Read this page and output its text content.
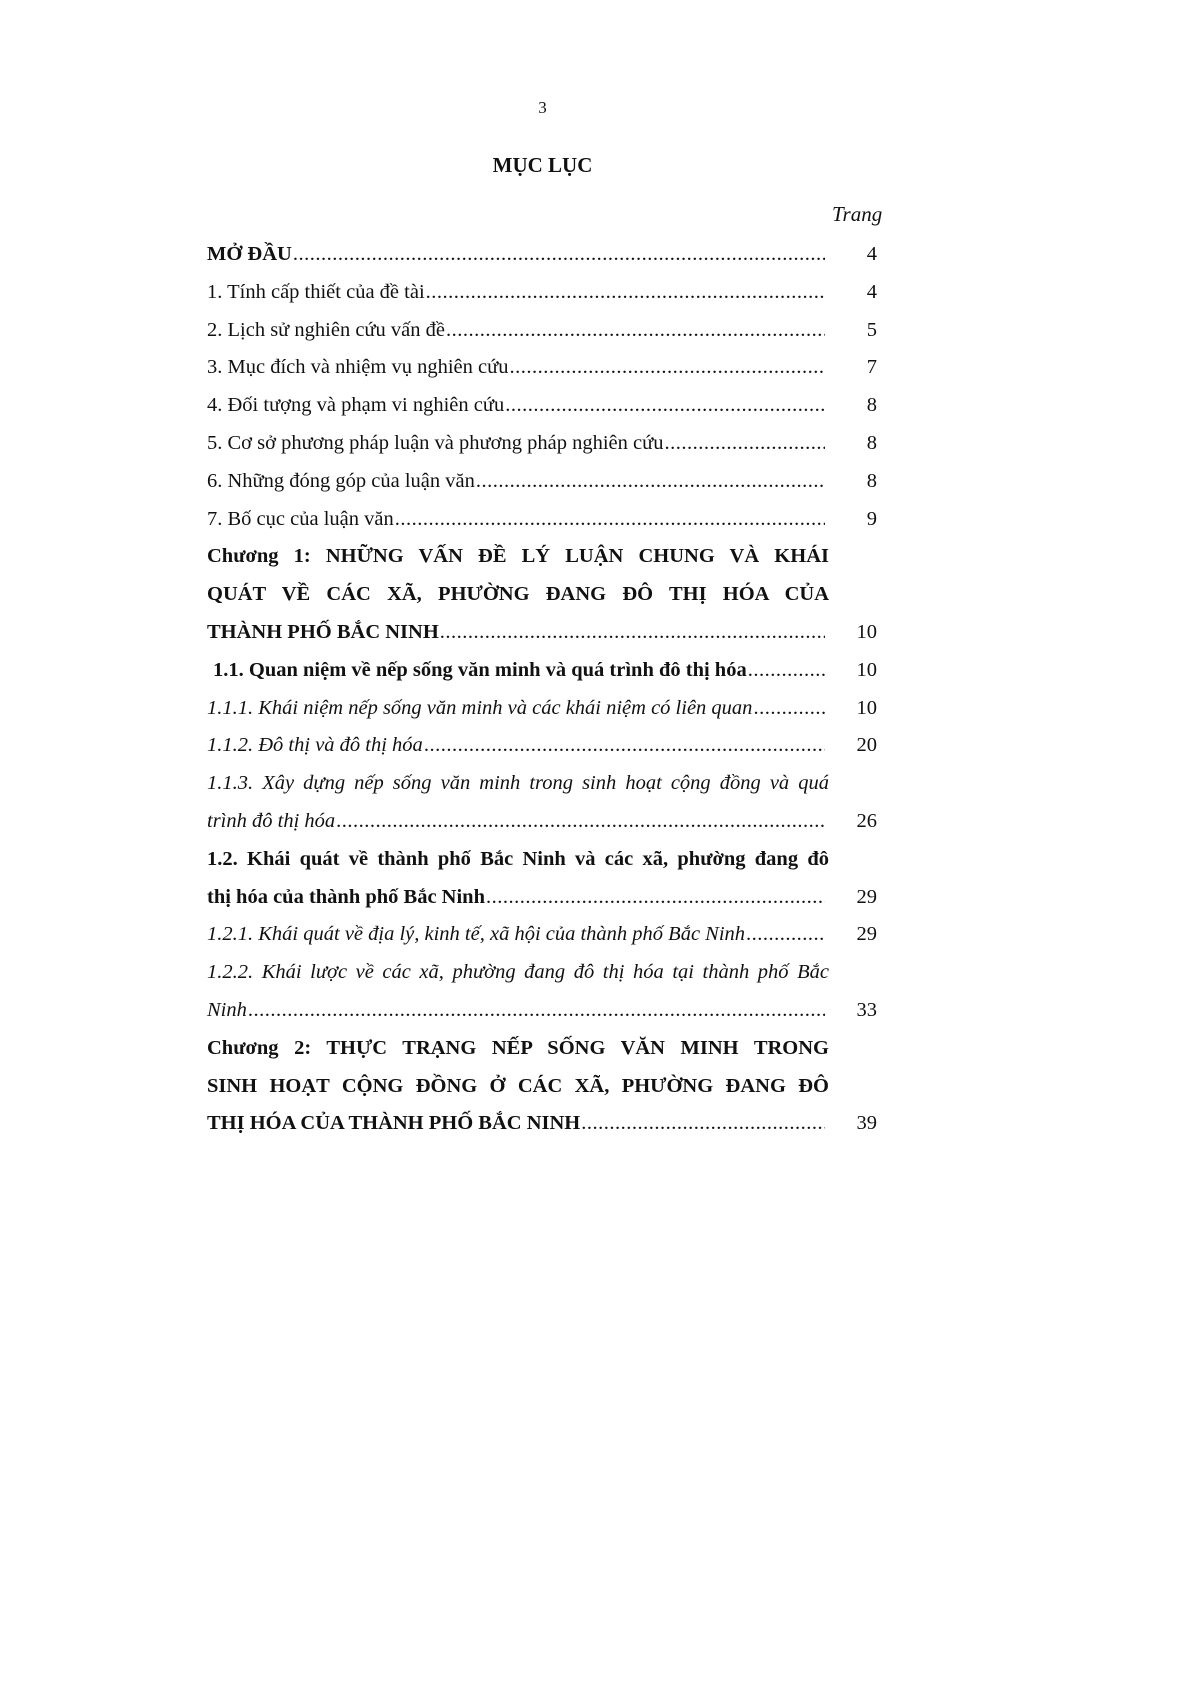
3
MỤC LỤC
Trang
MỞ ĐẦU .....	4
1. Tính cấp thiết của đề tài .....	4
2. Lịch sử nghiên cứu vấn đề .....	5
3. Mục đích và nhiệm vụ nghiên cứu .....	7
4. Đối tượng và phạm vi nghiên cứu .....	8
5. Cơ sở phương pháp luận và phương pháp nghiên cứu .....	8
6. Những đóng góp của luận văn .....	8
7. Bố cục của luận văn .....	9
Chương 1: NHỮNG VẤN ĐỀ LÝ LUẬN CHUNG VÀ KHÁI
QUÁT VỀ CÁC XÃ, PHƯỜNG ĐANG ĐÔ THỊ HÓA CỦA
THÀNH PHỐ BẮC NINH .....	10
1.1. Quan niệm về nếp sống văn minh và quá trình đô thị hóa .....	10
1.1.1. Khái niệm nếp sống văn minh và các khái niệm có liên quan .....	10
1.1.2. Đô thị và đô thị hóa .....	20
1.1.3. Xây dựng nếp sống văn minh trong sinh hoạt cộng đồng và quá
trình đô thị hóa .....	26
1.2. Khái quát về thành phố Bắc Ninh và các xã, phường đang đô
thị hóa của thành phố Bắc Ninh .....	29
1.2.1. Khái quát về địa lý, kinh tế, xã hội của thành phố Bắc Ninh .....	29
1.2.2. Khái lược về các xã, phường đang đô thị hóa tại thành phố Bắc
Ninh .....	33
Chương 2: THỰC TRẠNG NẾP SỐNG VĂN MINH TRONG
SINH HOẠT CỘNG ĐỒNG Ở CÁC XÃ, PHƯỜNG ĐANG ĐÔ
THỊ HÓA CỦA THÀNH PHỐ BẮC NINH .....	39
